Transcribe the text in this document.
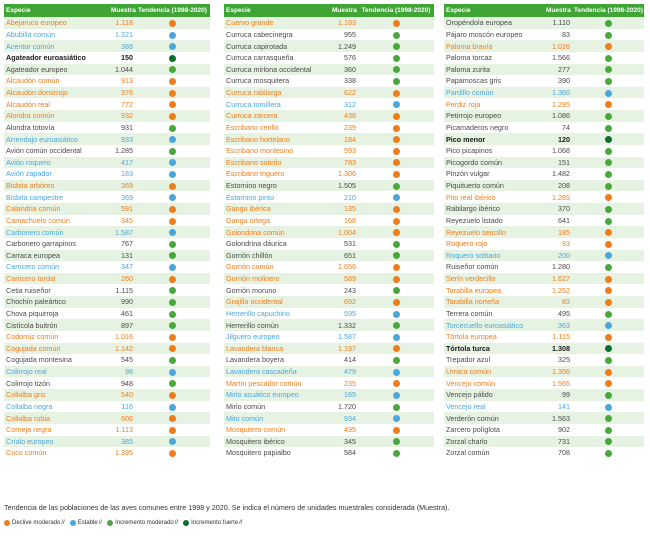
Especie	Muestra	Tendencia (1998-2020)
Abejaruco europeo	1.118	
Abubilla común	1.321	
Acentor común	388	
Agateador euroasiático	150	
Agateador europeo	1.044	
Alcaudón común	913	
Alcaudón dorsirrojo	376	
Alcaudón real	772	
Alondra común	932	
Alondra totovía	931	
Arrendajo euroasiático	933	
Avión común occidental	1.285	
Avión roquero	417	
Avión zapador	183	
Bisbita arbóreo	369	
Bisbita campestre	369	
Calandria común	591	
Camachuelo común	345	
Carbonero común	1.587	
Carbonero garrapinos	767	
Carraca europea	131	
Carricero común	347	
Carricero tordal	260	
Cetia ruiseñor	1.115	
Chochín paleártico	990	
Chova piquirroja	461	
Cistícola buitrón	897	
Codorniz común	1.016	
Cogujada común	1.142	
Cogujada montesina	545	
Colirrojo real	98	
Colirrojo tizón	948	
Collalba gris	540	
Collalba negra	116	
Collalba rubia	606	
Corneja negra	1.113	
Críalo europeo	385	
Cuco común	1.395	
Especie	Muestra	Tendencia (1998-2020)
Cuervo grande	1.183	
Curruca cabecinegra	955	
Curruca capirotada	1.249	
Curruca carrasqueña	576	
Curruca mirlona occidental	360	
Curruca mosquitera	338	
Curruca rabilarga	622	
Curruca tomillera	312	
Curruca zarcera	436	
Escribano cerillo	239	
Escribano hortelano	184	
Escribano montesino	593	
Escribano soteño	783	
Escribano triguero	1.306	
Estornino negro	1.505	
Estornino pinto	210	
Ganga ibérica	135	
Ganga ortega	168	
Golondrina común	1.604	
Golondrina dáurica	531	
Gorrión chillón	651	
Gorrión común	1.656	
Gorrión molinero	589	
Gorrión moruno	243	
Grajilla occidental	692	
Herrerillo capuchino	595	
Herrerillo común	1.332	
Jilguero europeo	1.587	
Lavandera blanca	1.197	
Lavandera boyera	414	
Lavandera cascadeña	479	
Martín pescador común	235	
Mirlo acuático europeo	165	
Mirlo común	1.720	
Mito común	934	
Mosquitero común	495	
Mosquitero ibérico	345	
Mosquitero papialbo	584	
Especie	Muestra	Tendencia (1998-2020)
Oropéndola europea	1.110	
Pájaro moscón europeo	83	
Paloma bravía	1.026	
Paloma torcaz	1.566	
Paloma zurita	277	
Papamoscas gris	390	
Pardillo común	1.360	
Perdiz roja	1.295	
Petirrojo europeo	1.086	
Picamaderos negro	74	
Pico menor	120	
Pico picapinos	1.068	
Picogordo común	151	
Pinzón vulgar	1.482	
Piquituerto común	208	
Pito real ibérico	1.285	
Rabilargo ibérico	370	
Reyezuelo listado	641	
Reyezuelo sencillo	185	
Roquero rojo	93	
Roquero solitario	200	
Ruiseñor común	1.280	
Serín verdecillo	1.627	
Tarabilla europea	1.252	
Tarabilla norteña	83	
Terrera común	495	
Torcecuello euroasiático	363	
Tórtola europea	1.115	
Tórtola turca	1.308	
Trepador azul	325	
Urraca común	1.356	
Vencejo común	1.565	
Vencejo pálido	99	
Vencejo real	141	
Verderón común	1.563	
Zarcero políglota	902	
Zorzal charlo	731	
Zorzal común	708	
Tendencia de las poblaciones de las aves comunes entre 1998 y 2020. Se indica el número de unidades muestrales considerada (Muestra).
Declive moderado // Estable // Incremento moderado // Incremento fuerte //
